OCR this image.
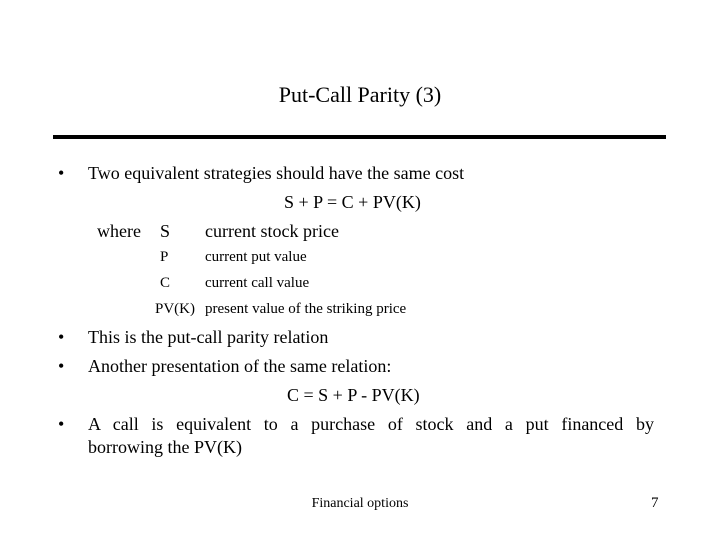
Put-Call Parity (3)
• Two equivalent strategies should have the same cost
S + P = C + PV(K)
where S current stock price
P current put value
C current call value
PV(K) present value of the striking price
• This is the put-call parity relation
• Another presentation of the same relation:
C = S + P - PV(K)
• A call is equivalent to a purchase of stock and a put financed by
borrowing the PV(K)
Financial options	7
